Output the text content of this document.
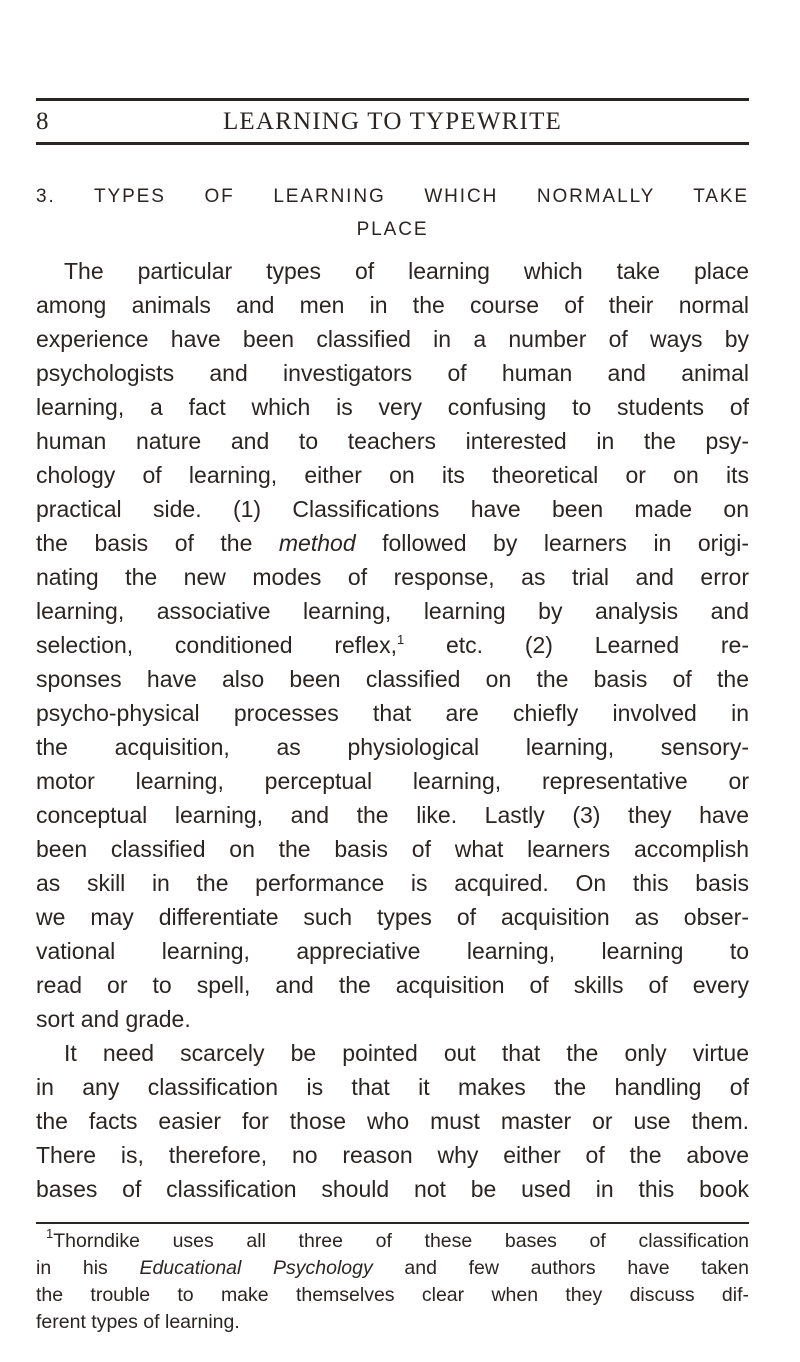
8	LEARNING TO TYPEWRITE
3. TYPES OF LEARNING WHICH NORMALLY TAKE
PLACE
The particular types of learning which take place
among animals and men in the course of their normal
experience have been classified in a number of ways by
psychologists and investigators of human and animal
learning, a fact which is very confusing to students of
human nature and to teachers interested in the psy-
chology of learning, either on its theoretical or on its
practical side. (1) Classifications have been made on
the basis of the method followed by learners in origi-
nating the new modes of response, as trial and error
learning, associative learning, learning by analysis and
selection, conditioned reflex,$^1$ etc. (2) Learned re-
sponses have also been classified on the basis of the
psycho-physical processes that are chiefly involved in
the acquisition, as physiological learning, sensory-
motor learning, perceptual learning, representative or
conceptual learning, and the like. Lastly (3) they have
been classified on the basis of what learners accomplish
as skill in the performance is acquired. On this basis
we may differentiate such types of acquisition as obser-
vational learning, appreciative learning, learning to
read or to spell, and the acquisition of skills of every
sort and grade.
It need scarcely be pointed out that the only virtue
in any classification is that it makes the handling of
the facts easier for those who must master or use them.
There is, therefore, no reason why either of the above
bases of classification should not be used in this book
$^1$Thorndike uses all three of these bases of classification
in his Educational Psychology and few authors have taken
the trouble to make themselves clear when they discuss dif-
ferent types of learning.
